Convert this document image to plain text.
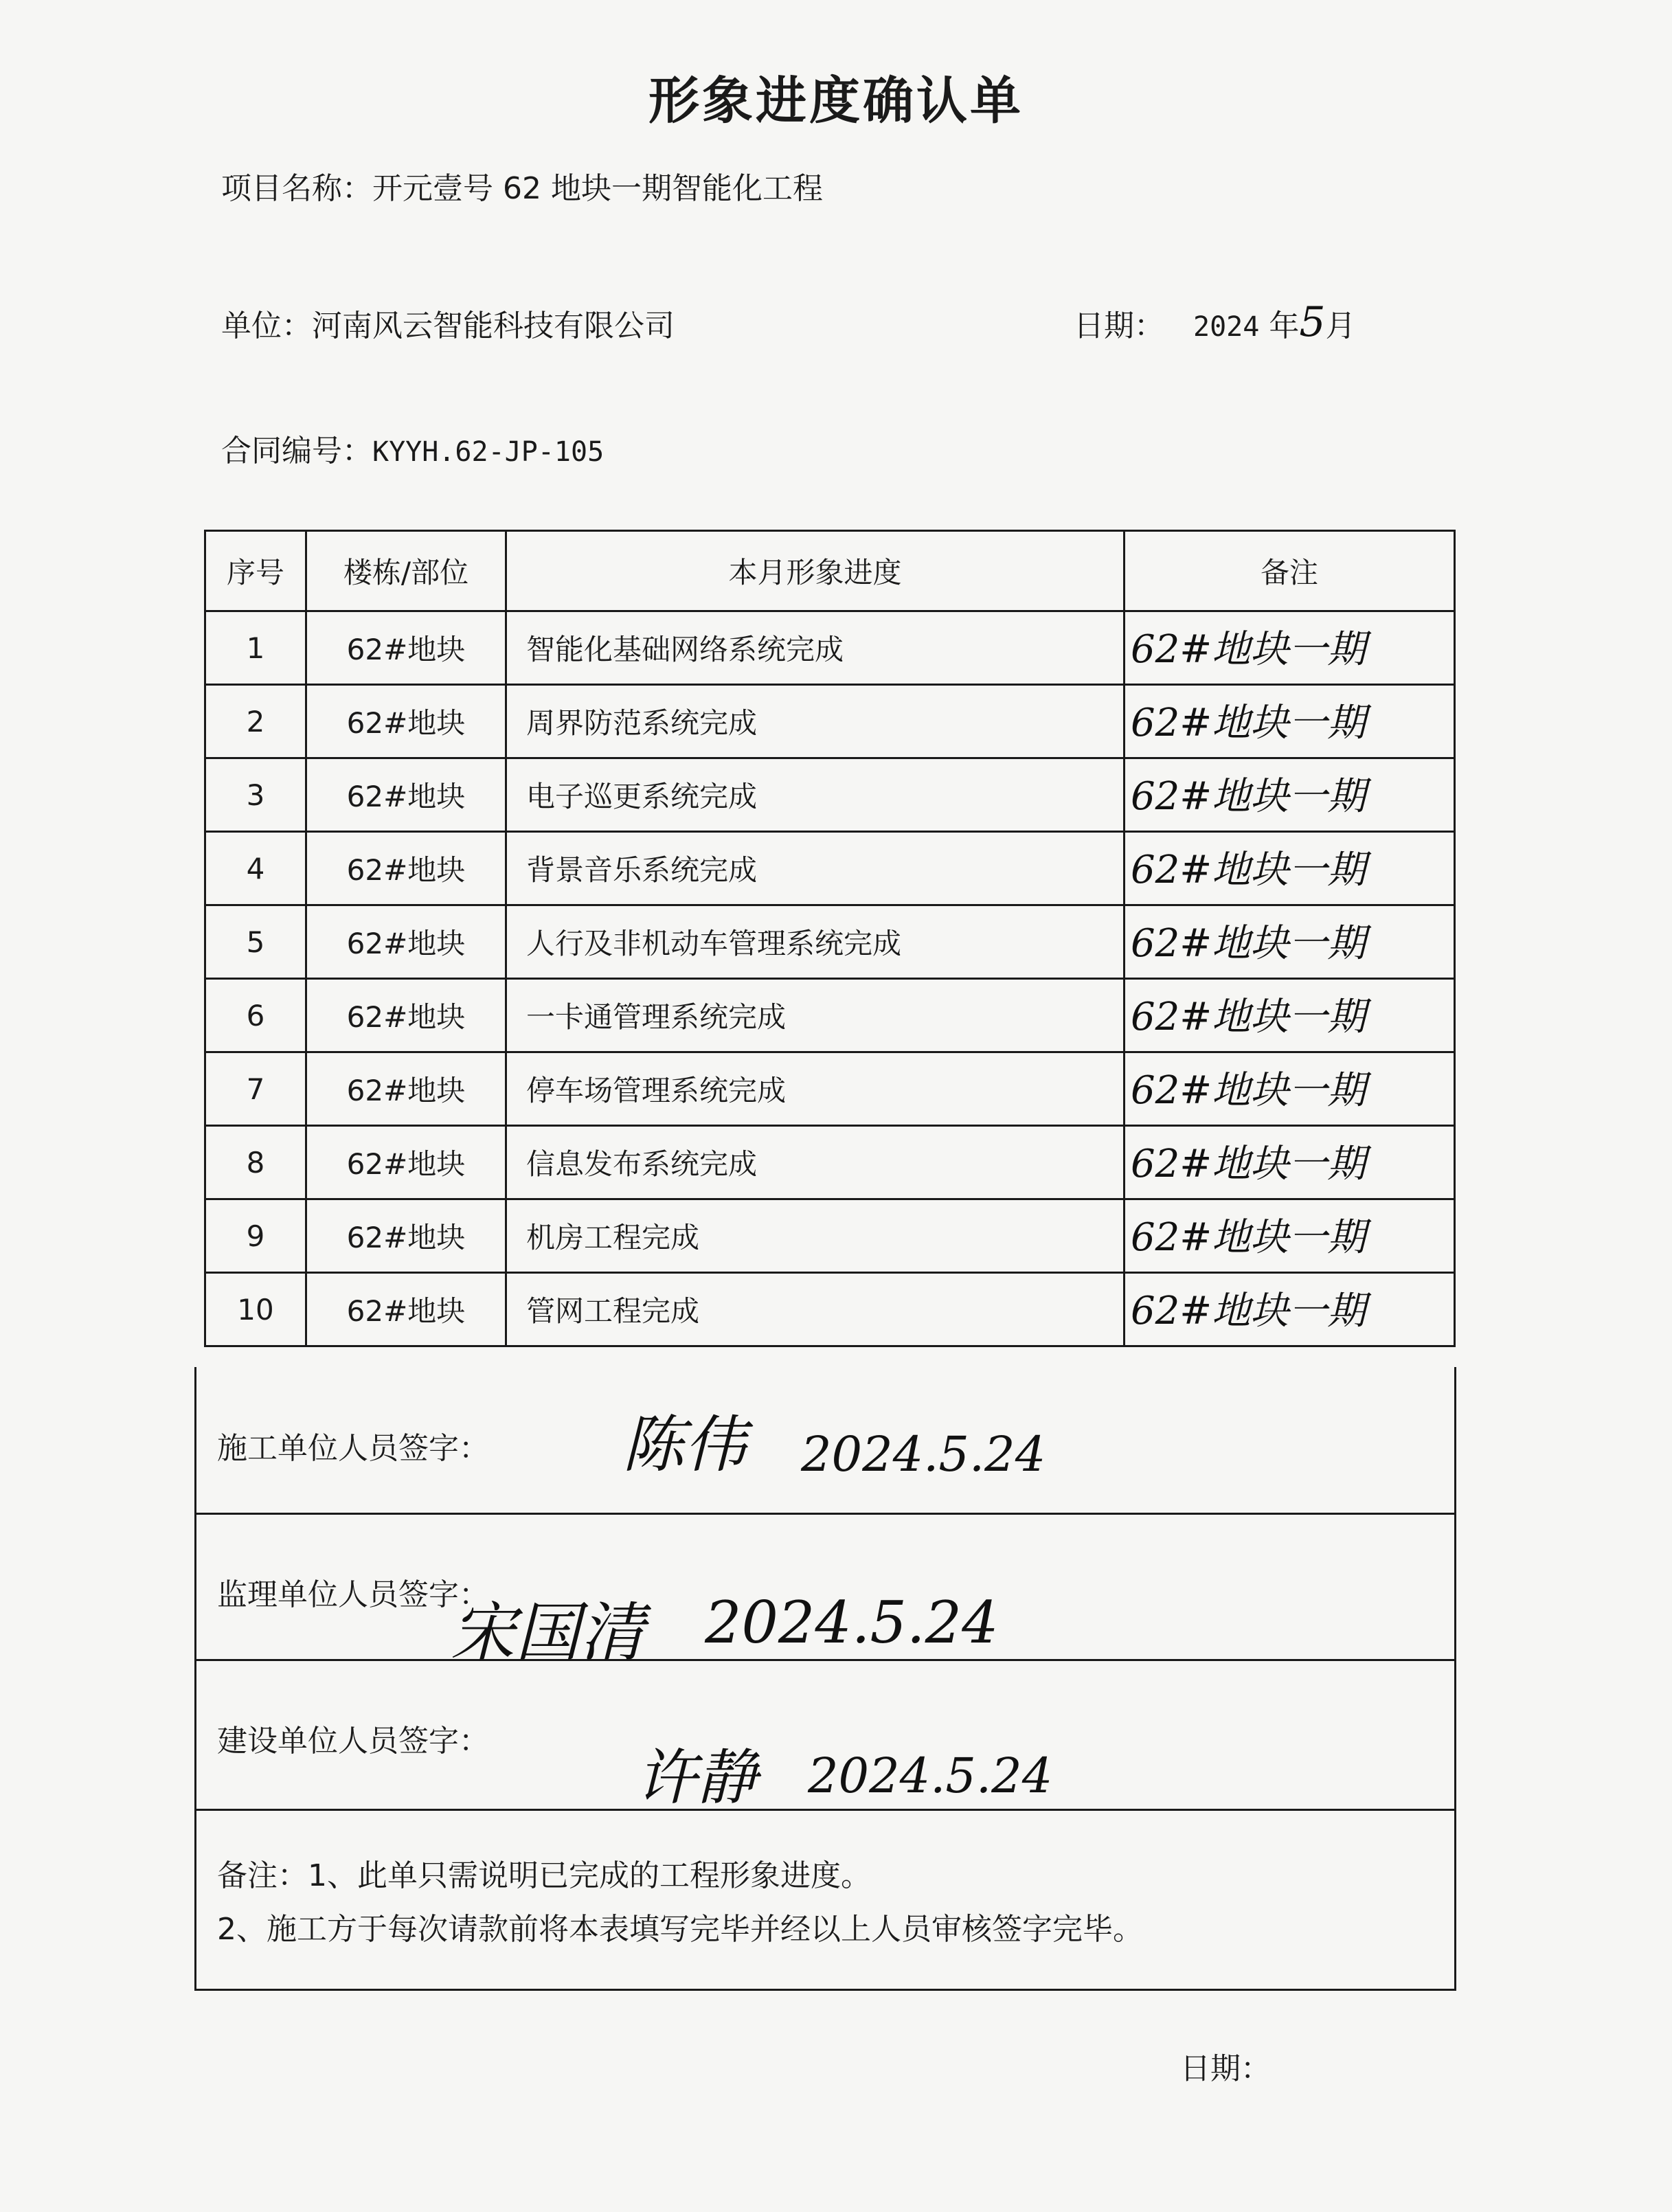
形象进度确认单
项目名称：开元壹号 62 地块一期智能化工程
单位：河南风云智能科技有限公司	日期： 2024 年5月
合同编号：KYYH.62-JP-105
序号	楼栋/部位	本月形象进度	备注
1	62#地块	智能化基础网络系统完成	62#地块一期

2	62#地块	周界防范系统完成	62#地块一期

3	62#地块	电子巡更系统完成	62#地块一期

4	62#地块	背景音乐系统完成	62#地块一期

5	62#地块	人行及非机动车管理系统完成	62#地块一期

6	62#地块	一卡通管理系统完成	62#地块一期

7	62#地块	停车场管理系统完成	62#地块一期

8	62#地块	信息发布系统完成	62#地块一期

9	62#地块	机房工程完成	62#地块一期

10	62#地块	管网工程完成	62#地块一期
施工单位人员签字： 陈伟 2024.5.24
监理单位人员签字：
宋国清 2024.5.24
建设单位人员签字：
许静 2024.5.24
备注：1、此单只需说明已完成的工程形象进度。
2、施工方于每次请款前将本表填写完毕并经以上人员审核签字完毕。
日期：
